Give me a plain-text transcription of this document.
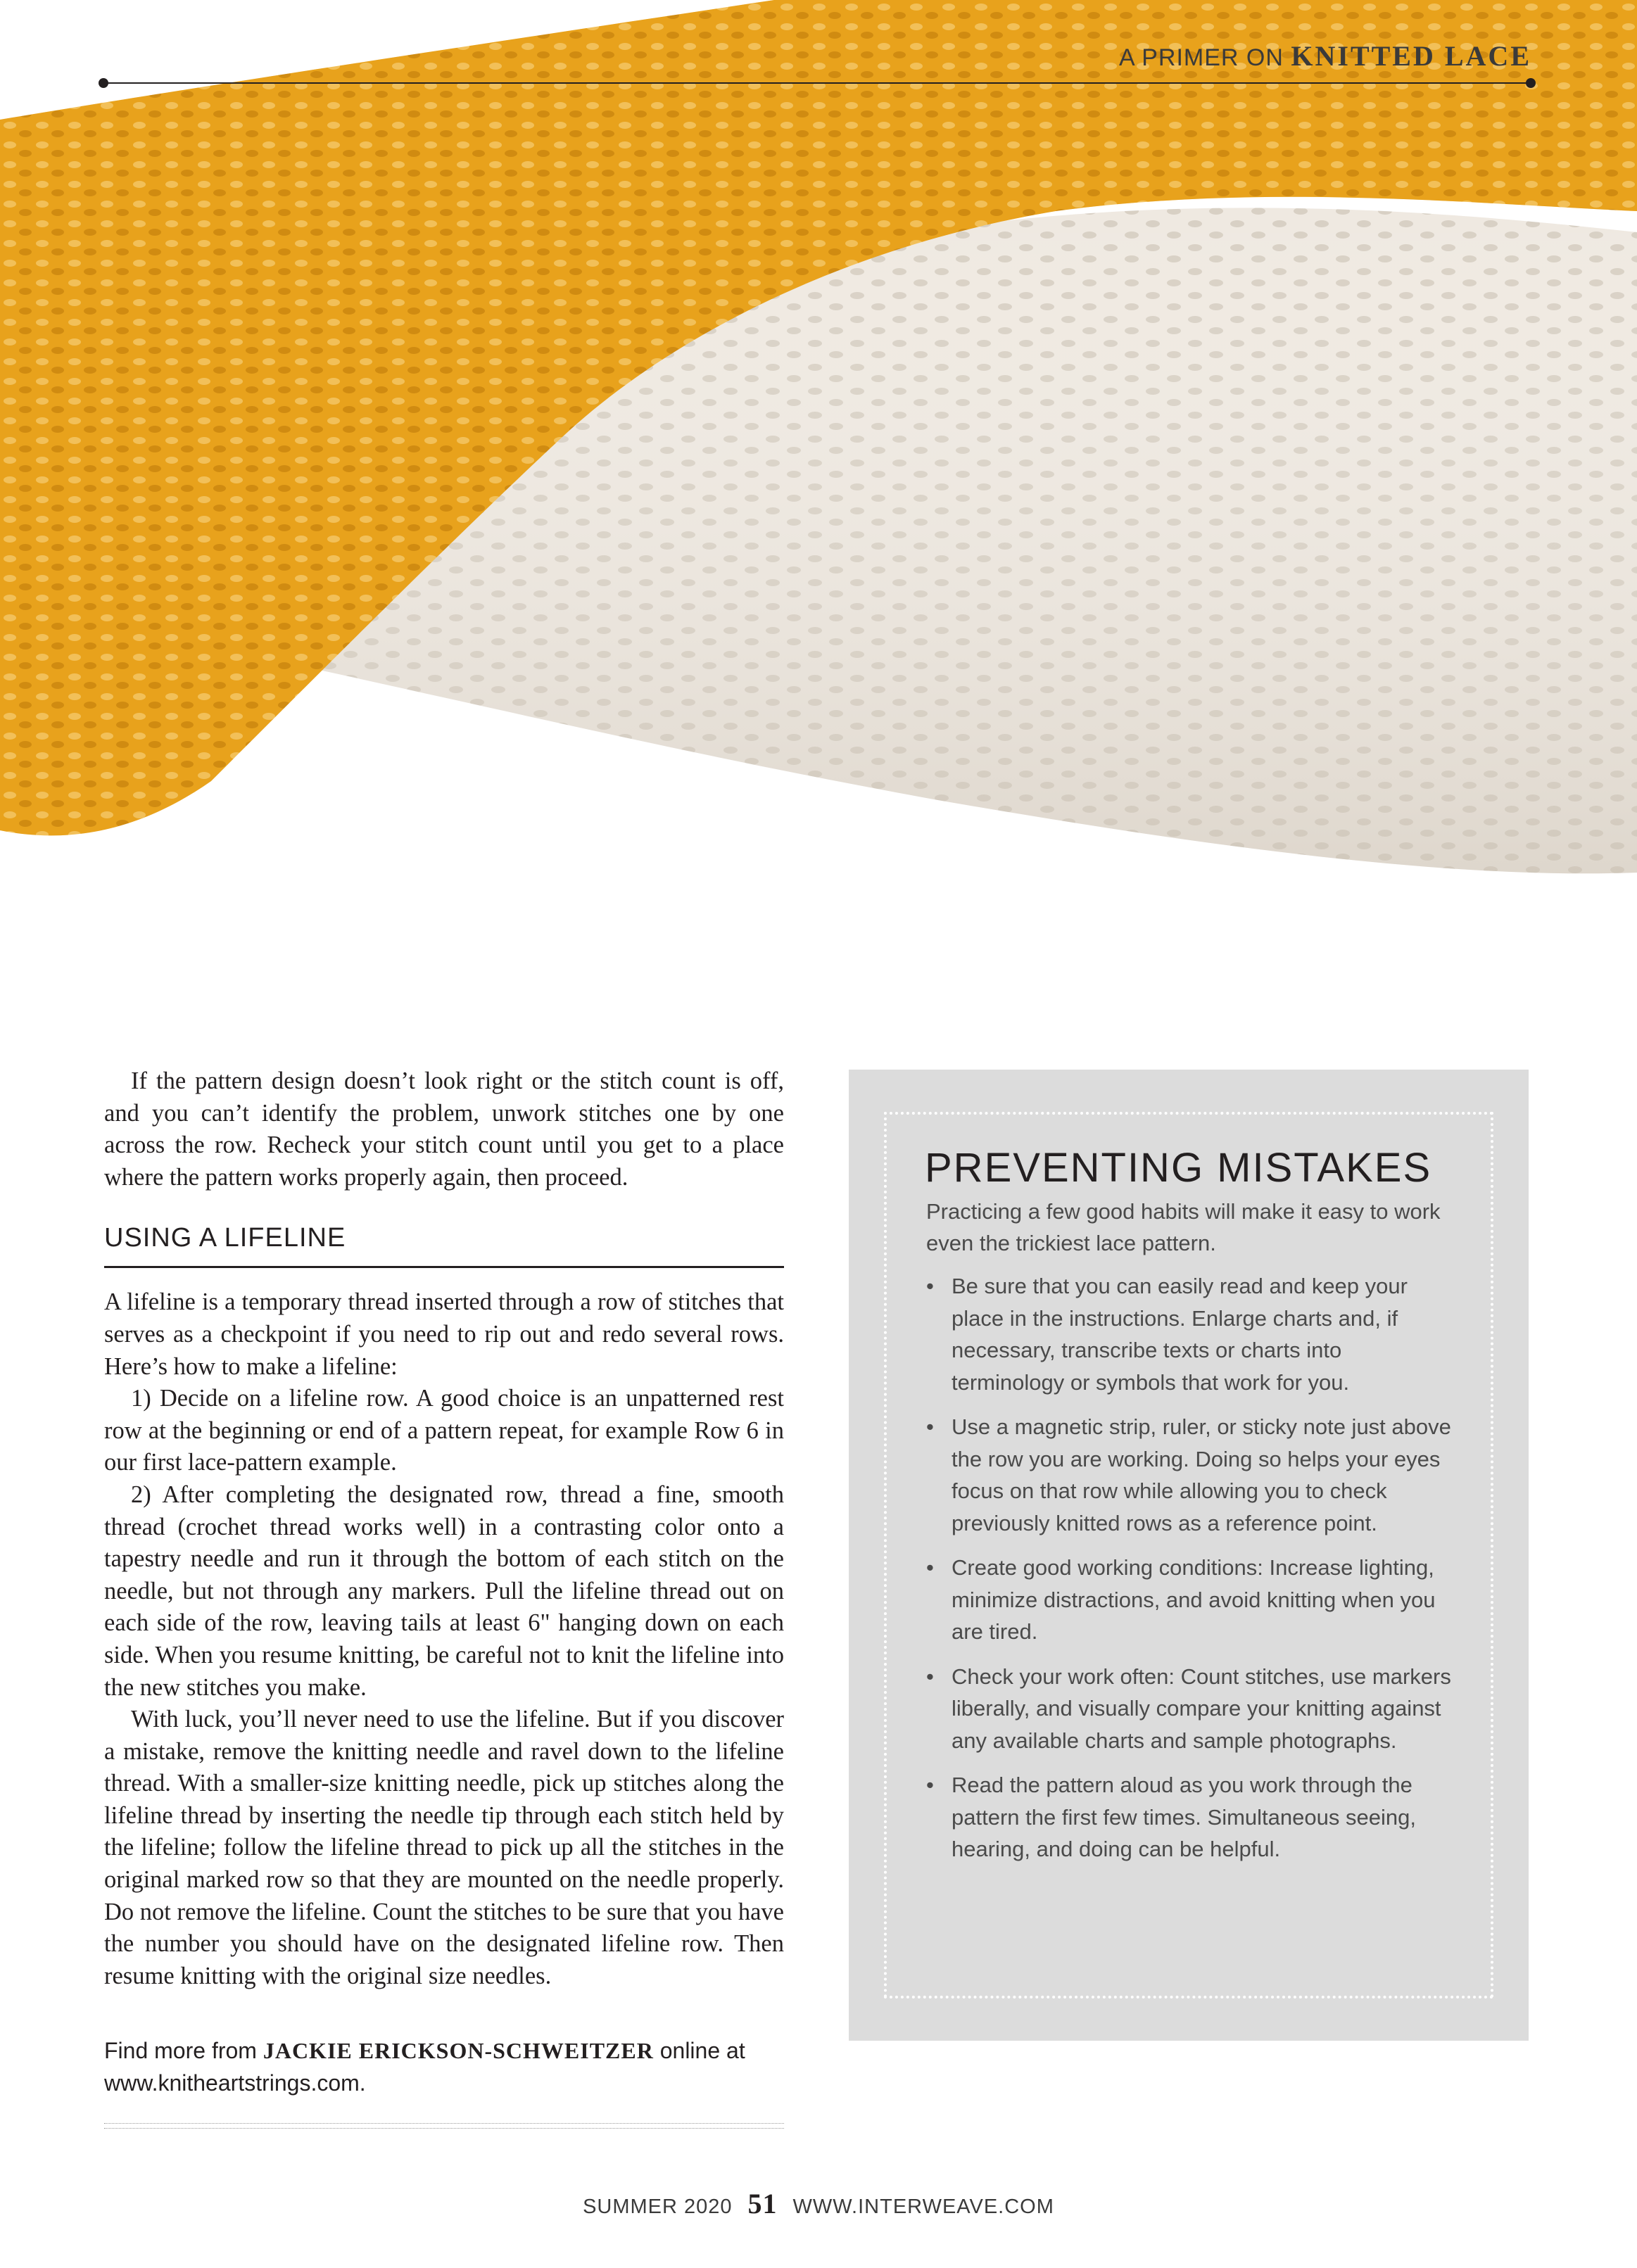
A PRIMER ON KNITTED LACE

If the pattern design doesn’t look right or the stitch count is off, and you can’t identify the problem, unwork stitches one by one across the row. Recheck your stitch count until you get to a place where the pattern works properly again, then proceed.

USING A LIFELINE

A lifeline is a temporary thread inserted through a row of stitches that serves as a checkpoint if you need to rip out and redo several rows. Here’s how to make a lifeline:

1) Decide on a lifeline row. A good choice is an unpatterned rest row at the beginning or end of a pattern repeat, for example Row 6 in our first lace-pattern example.

2) After completing the designated row, thread a fine, smooth thread (crochet thread works well) in a contrasting color onto a tapestry needle and run it through the bottom of each stitch on the needle, but not through any markers. Pull the lifeline thread out on each side of the row, leaving tails at least 6" hanging down on each side. When you resume knitting, be careful not to knit the lifeline into the new stitches you make.

With luck, you’ll never need to use the lifeline. But if you discover a mistake, remove the knitting needle and ravel down to the lifeline thread. With a smaller-size knitting needle, pick up stitches along the lifeline thread by inserting the needle tip through each stitch held by the lifeline; follow the lifeline thread to pick up all the stitches in the original marked row so that they are mounted on the needle properly. Do not remove the lifeline. Count the stitches to be sure that you have the number you should have on the designated lifeline row. Then resume knitting with the original size needles.

Find more from JACKIE ERICKSON-SCHWEITZER online at www.knitheartstrings.com.
PREVENTING MISTAKES

Practicing a few good habits will make it easy to work even the trickiest lace pattern.

• Be sure that you can easily read and keep your place in the instructions. Enlarge charts and, if necessary, transcribe texts or charts into terminology or symbols that work for you.
• Use a magnetic strip, ruler, or sticky note just above the row you are working. Doing so helps your eyes focus on that row while allowing you to check previously knitted rows as a reference point.
• Create good working conditions: Increase lighting, minimize distractions, and avoid knitting when you are tired.
• Check your work often: Count stitches, use markers liberally, and visually compare your knitting against any available charts and sample photographs.
• Read the pattern aloud as you work through the pattern the first few times. Simultaneous seeing, hearing, and doing can be helpful.
SUMMER 2020 51 WWW.INTERWEAVE.COM
